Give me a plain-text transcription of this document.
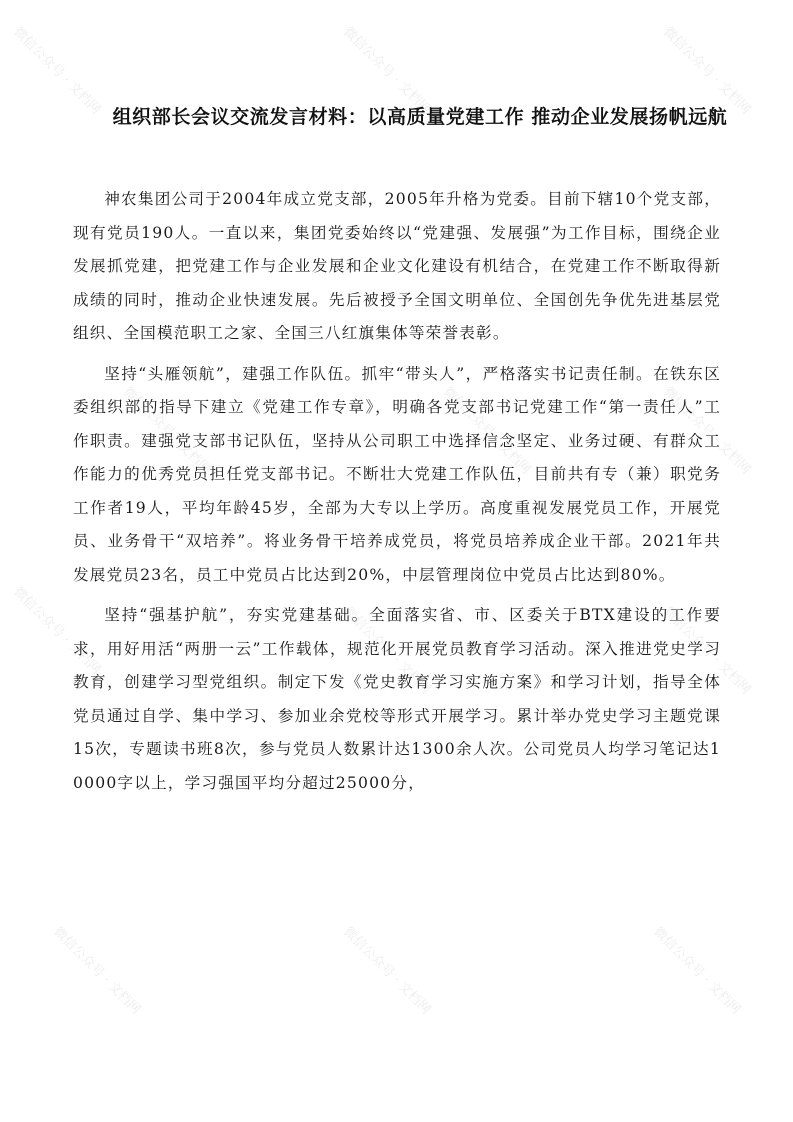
微信公众号 · 文档网	微信公众号 · 文档网	微信公众号 · 文档网
微信公众号 · 文档网	微信公众号 · 文档网	微信公众号 · 文档网
微信公众号 · 文档网	微信公众号 · 文档网	微信公众号 · 文档网
微信公众号 · 文档网	微信公众号 · 文档网	微信公众号 · 文档网
组织部长会议交流发言材料：以高质量党建工作 推动企业发展扬帆远航

神农集团公司于2004年成立党支部，2005年升格为党委。目前下辖10个党支部，现有党员190人。一直以来，集团党委始终以“党建强、发展强”为工作目标，围绕企业发展抓党建，把党建工作与企业发展和企业文化建设有机结合，在党建工作不断取得新成绩的同时，推动企业快速发展。先后被授予全国文明单位、全国创先争优先进基层党组织、全国模范职工之家、全国三八红旗集体等荣誉表彰。

坚持“头雁领航”，建强工作队伍。抓牢“带头人”，严格落实书记责任制。在铁东区委组织部的指导下建立《党建工作专章》，明确各党支部书记党建工作“第一责任人”工作职责。建强党支部书记队伍，坚持从公司职工中选择信念坚定、业务过硬、有群众工作能力的优秀党员担任党支部书记。不断壮大党建工作队伍，目前共有专（兼）职党务工作者19人，平均年龄45岁，全部为大专以上学历。高度重视发展党员工作，开展党员、业务骨干“双培养”。将业务骨干培养成党员，将党员培养成企业干部。2021年共发展党员23名，员工中党员占比达到20%，中层管理岗位中党员占比达到80%。

坚持“强基护航”，夯实党建基础。全面落实省、市、区委关于BTX建设的工作要求，用好用活“两册一云”工作载体，规范化开展党员教育学习活动。深入推进党史学习教育，创建学习型党组织。制定下发《党史教育学习实施方案》和学习计划，指导全体党员通过自学、集中学习、参加业余党校等形式开展学习。累计举办党史学习主题党课15次，专题读书班8次，参与党员人数累计达1300余人次。公司党员人均学习笔记达10000字以上，学习强国平均分超过25000分，
